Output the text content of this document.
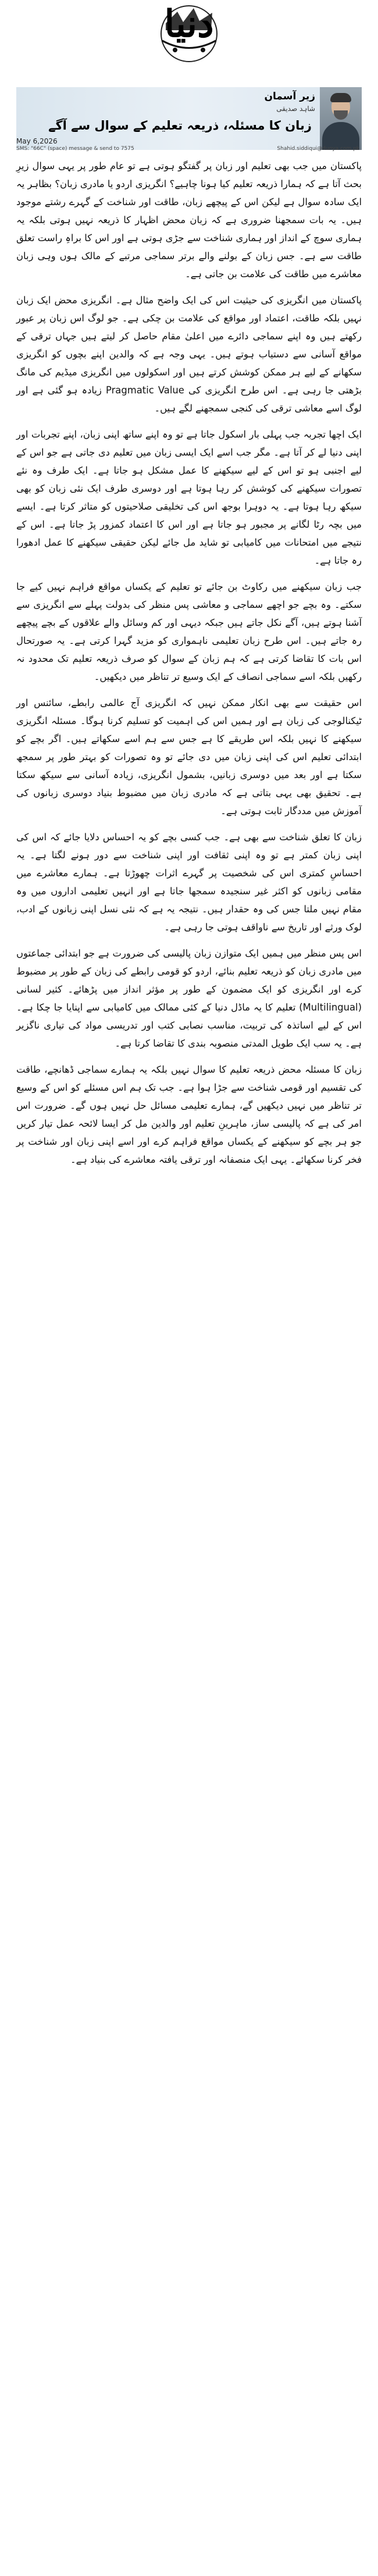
دنیا
زیر آسمان
شاہد صدیقی
زبان کا مسئلہ، ذریعہ تعلیم کے سوال سے آگے
May 6,2026
SMS: "66C" (space) message & send to 7575	Shahid.siddiqui@dunya.com.pk

پاکستان میں جب بھی تعلیم اور زبان پر گفتگو ہوتی ہے تو عام طور پر یہی سوال زیرِ بحث آتا ہے کہ ہمارا ذریعہ تعلیم کیا ہونا چاہیے؟ انگریزی اردو یا مادری زبان؟ بظاہر یہ ایک سادہ سوال ہے لیکن اس کے پیچھے زبان، طاقت اور شناخت کے گہرے رشتے موجود ہیں۔ یہ بات سمجھنا ضروری ہے کہ زبان محض اظہار کا ذریعہ نہیں ہوتی بلکہ یہ ہماری سوچ کے انداز اور ہماری شناخت سے جڑی ہوتی ہے اور اس کا براہِ راست تعلق طاقت سے ہے۔ جس زبان کے بولنے والے برتر سماجی مرتبے کے مالک ہوں وہی زبان معاشرے میں طاقت کی علامت بن جاتی ہے۔

پاکستان میں انگریزی کی حیثیت اس کی ایک واضح مثال ہے۔ انگریزی محض ایک زبان نہیں بلکہ طاقت، اعتماد اور مواقع کی علامت بن چکی ہے۔ جو لوگ اس زبان پر عبور رکھتے ہیں وہ اپنے سماجی دائرے میں اعلیٰ مقام حاصل کر لیتے ہیں جہاں ترقی کے مواقع آسانی سے دستیاب ہوتے ہیں۔ یہی وجہ ہے کہ والدین اپنے بچوں کو انگریزی سکھانے کے لیے ہر ممکن کوشش کرتے ہیں اور اسکولوں میں انگریزی میڈیم کی مانگ بڑھتی جا رہی ہے۔ اس طرح انگریزی کی Pragmatic Value زیادہ ہو گئی ہے اور لوگ اسے معاشی ترقی کی کنجی سمجھنے لگے ہیں۔

ایک اچھا تجربہ جب پہلی بار اسکول جاتا ہے تو وہ اپنے ساتھ اپنی زبان، اپنے تجربات اور اپنی دنیا لے کر آتا ہے۔ مگر جب اسے ایک ایسی زبان میں تعلیم دی جاتی ہے جو اس کے لیے اجنبی ہو تو اس کے لیے سیکھنے کا عمل مشکل ہو جاتا ہے۔ ایک طرف وہ نئے تصورات سیکھنے کی کوشش کر رہا ہوتا ہے اور دوسری طرف ایک نئی زبان کو بھی سیکھ رہا ہوتا ہے۔ یہ دوہرا بوجھ اس کی تخلیقی صلاحیتوں کو متاثر کرتا ہے۔ ایسے میں بچہ رٹا لگانے پر مجبور ہو جاتا ہے اور اس کا اعتماد کمزور پڑ جاتا ہے۔ اس کے نتیجے میں امتحانات میں کامیابی تو شاید مل جائے لیکن حقیقی سیکھنے کا عمل ادھورا رہ جاتا ہے۔

جب زبان سیکھنے میں رکاوٹ بن جائے تو تعلیم کے یکساں مواقع فراہم نہیں کیے جا سکتے۔ وہ بچے جو اچھے سماجی و معاشی پس منظر کی بدولت پہلے سے انگریزی سے آشنا ہوتے ہیں، آگے نکل جاتے ہیں جبکہ دیہی اور کم وسائل والے علاقوں کے بچے پیچھے رہ جاتے ہیں۔ اس طرح زبان تعلیمی ناہمواری کو مزید گہرا کرتی ہے۔ یہ صورتحال اس بات کا تقاضا کرتی ہے کہ ہم زبان کے سوال کو صرف ذریعہ تعلیم تک محدود نہ رکھیں بلکہ اسے سماجی انصاف کے ایک وسیع تر تناظر میں دیکھیں۔

اس حقیقت سے بھی انکار ممکن نہیں کہ انگریزی آج عالمی رابطے، سائنس اور ٹیکنالوجی کی زبان ہے اور ہمیں اس کی اہمیت کو تسلیم کرنا ہوگا۔ مسئلہ انگریزی سیکھنے کا نہیں بلکہ اس طریقے کا ہے جس سے ہم اسے سکھاتے ہیں۔ اگر بچے کو ابتدائی تعلیم اس کی اپنی زبان میں دی جائے تو وہ تصورات کو بہتر طور پر سمجھ سکتا ہے اور بعد میں دوسری زبانیں، بشمول انگریزی، زیادہ آسانی سے سیکھ سکتا ہے۔ تحقیق بھی یہی بتاتی ہے کہ مادری زبان میں مضبوط بنیاد دوسری زبانوں کی آموزش میں مددگار ثابت ہوتی ہے۔

زبان کا تعلق شناخت سے بھی ہے۔ جب کسی بچے کو یہ احساس دلایا جائے کہ اس کی اپنی زبان کمتر ہے تو وہ اپنی ثقافت اور اپنی شناخت سے دور ہونے لگتا ہے۔ یہ احساسِ کمتری اس کی شخصیت پر گہرے اثرات چھوڑتا ہے۔ ہمارے معاشرے میں مقامی زبانوں کو اکثر غیر سنجیدہ سمجھا جاتا ہے اور انہیں تعلیمی اداروں میں وہ مقام نہیں ملتا جس کی وہ حقدار ہیں۔ نتیجہ یہ ہے کہ نئی نسل اپنی زبانوں کے ادب، لوک ورثے اور تاریخ سے ناواقف ہوتی جا رہی ہے۔

اس پس منظر میں ہمیں ایک متوازن زبان پالیسی کی ضرورت ہے جو ابتدائی جماعتوں میں مادری زبان کو ذریعہ تعلیم بنائے، اردو کو قومی رابطے کی زبان کے طور پر مضبوط کرے اور انگریزی کو ایک مضمون کے طور پر مؤثر انداز میں پڑھائے۔ کثیر لسانی (Multilingual) تعلیم کا یہ ماڈل دنیا کے کئی ممالک میں کامیابی سے اپنایا جا چکا ہے۔ اس کے لیے اساتذہ کی تربیت، مناسب نصابی کتب اور تدریسی مواد کی تیاری ناگزیر ہے۔ یہ سب ایک طویل المدتی منصوبہ بندی کا تقاضا کرتا ہے۔

زبان کا مسئلہ محض ذریعہ تعلیم کا سوال نہیں بلکہ یہ ہمارے سماجی ڈھانچے، طاقت کی تقسیم اور قومی شناخت سے جڑا ہوا ہے۔ جب تک ہم اس مسئلے کو اس کے وسیع تر تناظر میں نہیں دیکھیں گے، ہمارے تعلیمی مسائل حل نہیں ہوں گے۔ ضرورت اس امر کی ہے کہ پالیسی ساز، ماہرینِ تعلیم اور والدین مل کر ایسا لائحہ عمل تیار کریں جو ہر بچے کو سیکھنے کے یکساں مواقع فراہم کرے اور اسے اپنی زبان اور شناخت پر فخر کرنا سکھائے۔ یہی ایک منصفانہ اور ترقی یافتہ معاشرے کی بنیاد ہے۔
